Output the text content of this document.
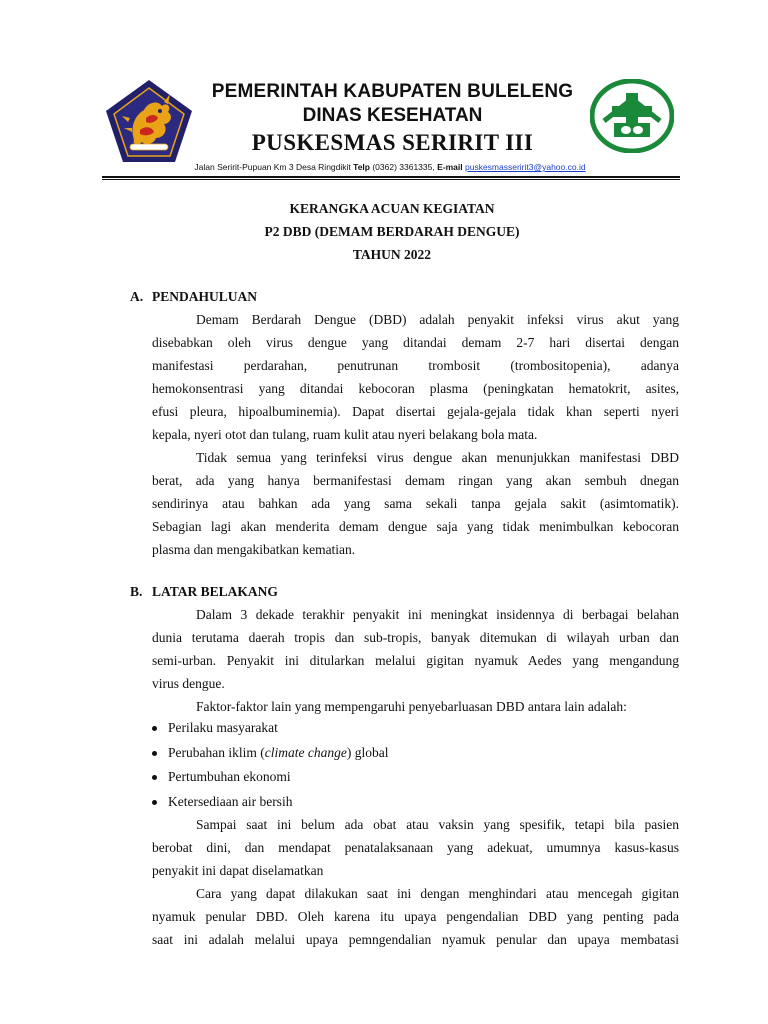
PEMERINTAH KABUPATEN BULELENG
DINAS KESEHATAN
PUSKESMAS SERIRIT III
Jalan Seririt-Pupuan Km 3 Desa Ringdikit Telp (0362) 3361335, E-mail puskesmasseririt3@yahoo.co.id
KERANGKA ACUAN KEGIATAN
P2 DBD (DEMAM BERDARAH DENGUE)
TAHUN 2022
A. PENDAHULUAN
Demam Berdarah Dengue (DBD) adalah penyakit infeksi virus akut yang
disebabkan oleh virus dengue yang ditandai demam 2-7 hari disertai dengan
manifestasi perdarahan, penutrunan trombosit (trombositopenia), adanya
hemokonsentrasi yang ditandai kebocoran plasma (peningkatan hematokrit, asites,
efusi pleura, hipoalbuminemia). Dapat disertai gejala-gejala tidak khan seperti nyeri
kepala, nyeri otot dan tulang, ruam kulit atau nyeri belakang bola mata.
Tidak semua yang terinfeksi virus dengue akan menunjukkan manifestasi DBD
berat, ada yang hanya bermanifestasi demam ringan yang akan sembuh dnegan
sendirinya atau bahkan ada yang sama sekali tanpa gejala sakit (asimtomatik).
Sebagian lagi akan menderita demam dengue saja yang tidak menimbulkan kebocoran
plasma dan mengakibatkan kematian.
B. LATAR BELAKANG
Dalam 3 dekade terakhir penyakit ini meningkat insidennya di berbagai belahan
dunia terutama daerah tropis dan sub-tropis, banyak ditemukan di wilayah urban dan
semi-urban. Penyakit ini ditularkan melalui gigitan nyamuk Aedes yang mengandung
virus dengue.
Faktor-faktor lain yang mempengaruhi penyebarluasan DBD antara lain adalah:
Perilaku masyarakat
Perubahan iklim (climate change) global
Pertumbuhan ekonomi
Ketersediaan air bersih
Sampai saat ini belum ada obat atau vaksin yang spesifik, tetapi bila pasien
berobat dini, dan mendapat penatalaksanaan yang adekuat, umumnya kasus-kasus
penyakit ini dapat diselamatkan
Cara yang dapat dilakukan saat ini dengan menghindari atau mencegah gigitan
nyamuk penular DBD. Oleh karena itu upaya pengendalian DBD yang penting pada
saat ini adalah melalui upaya pemngendalian nyamuk penular dan upaya membatasi
